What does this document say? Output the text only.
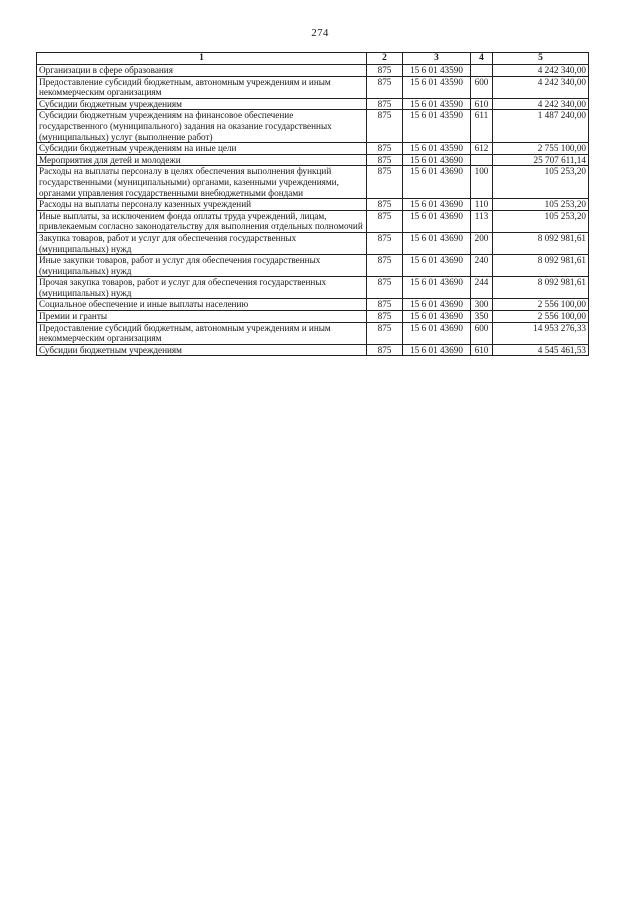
274
1	2	3	4	5
Организации в сфере образования	875	15 6 01 43590		4 242 340,00
Предоставление субсидий бюджетным, автономным учреждениям и иным некоммерческим организациям	875	15 6 01 43590	600	4 242 340,00
Субсидии бюджетным учреждениям	875	15 6 01 43590	610	4 242 340,00
Субсидии бюджетным учреждениям на финансовое обеспечение государственного (муниципального) задания на оказание государственных (муниципальных) услуг (выполнение работ)	875	15 6 01 43590	611	1 487 240,00
Субсидии бюджетным учреждениям на иные цели	875	15 6 01 43590	612	2 755 100,00
Мероприятия для детей и молодежи	875	15 6 01 43690		25 707 611,14
Расходы на выплаты персоналу в целях обеспечения выполнения функций государственными (муниципальными) органами, казенными учреждениями, органами управления государственными внебюджетными фондами	875	15 6 01 43690	100	105 253,20
Расходы на выплаты персоналу казенных учреждений	875	15 6 01 43690	110	105 253,20
Иные выплаты, за исключением фонда оплаты труда учреждений, лицам, привлекаемым согласно законодательству для выполнения отдельных полномочий	875	15 6 01 43690	113	105 253,20
Закупка товаров, работ и услуг для обеспечения государственных (муниципальных) нужд	875	15 6 01 43690	200	8 092 981,61
Иные закупки товаров, работ и услуг для обеспечения государственных (муниципальных) нужд	875	15 6 01 43690	240	8 092 981,61
Прочая закупка товаров, работ и услуг для обеспечения государственных (муниципальных) нужд	875	15 6 01 43690	244	8 092 981,61
Социальное обеспечение и иные выплаты населению	875	15 6 01 43690	300	2 556 100,00
Премии и гранты	875	15 6 01 43690	350	2 556 100,00
Предоставление субсидий бюджетным, автономным учреждениям и иным некоммерческим организациям	875	15 6 01 43690	600	14 953 276,33
Субсидии бюджетным учреждениям	875	15 6 01 43690	610	4 545 461,53
